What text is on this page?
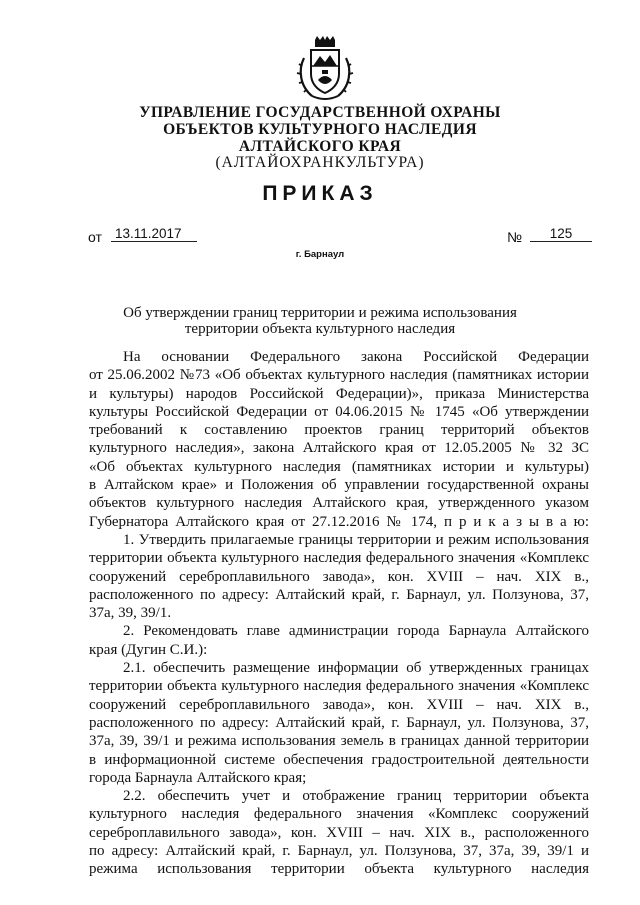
УПРАВЛЕНИЕ ГОСУДАРСТВЕННОЙ ОХРАНЫ
ОБЪЕКТОВ КУЛЬТУРНОГО НАСЛЕДИЯ
АЛТАЙСКОГО КРАЯ
(АЛТАЙОХРАНКУЛЬТУРА)
ПРИКАЗ
от 13.11.2017	№	125
г. Барнаул
Об утверждении границ территории и режима использования
территории объекта культурного наследия
На основании Федерального закона Российской Федерации
от 25.06.2002 №73 «Об объектах культурного наследия (памятниках истории
и культуры) народов Российской Федерации)», приказа Министерства
культуры Российской Федерации от 04.06.2015 № 1745 «Об утверждении
требований к составлению проектов границ территорий объектов
культурного наследия», закона Алтайского края от 12.05.2005 № 32 ЗС
«Об объектах культурного наследия (памятниках истории и культуры)
в Алтайском крае» и Положения об управлении государственной охраны
объектов культурного наследия Алтайского края, утвержденного указом
Губернатора Алтайского края от 27.12.2016 № 174, п р и к а з ы в а ю:
1. Утвердить прилагаемые границы территории и режим использования
территории объекта культурного наследия федерального значения «Комплекс
сооружений сереброплавильного завода», кон. XVIII – нач. XIX в.,
расположенного по адресу: Алтайский край, г. Барнаул, ул. Ползунова, 37,
37а, 39, 39/1.
2. Рекомендовать главе администрации города Барнаула Алтайского
края (Дугин С.И.):
2.1. обеспечить размещение информации об утвержденных границах
территории объекта культурного наследия федерального значения «Комплекс
сооружений сереброплавильного завода», кон. XVIII – нач. XIX в.,
расположенного по адресу: Алтайский край, г. Барнаул, ул. Ползунова, 37,
37а, 39, 39/1 и режима использования земель в границах данной территории
в информационной системе обеспечения градостроительной деятельности
города Барнаула Алтайского края;
2.2. обеспечить учет и отображение границ территории объекта
культурного наследия федерального значения «Комплекс сооружений
сереброплавильного завода», кон. XVIII – нач. XIX в., расположенного
по адресу: Алтайский край, г. Барнаул, ул. Ползунова, 37, 37а, 39, 39/1 и
режима использования территории объекта культурного наследия
